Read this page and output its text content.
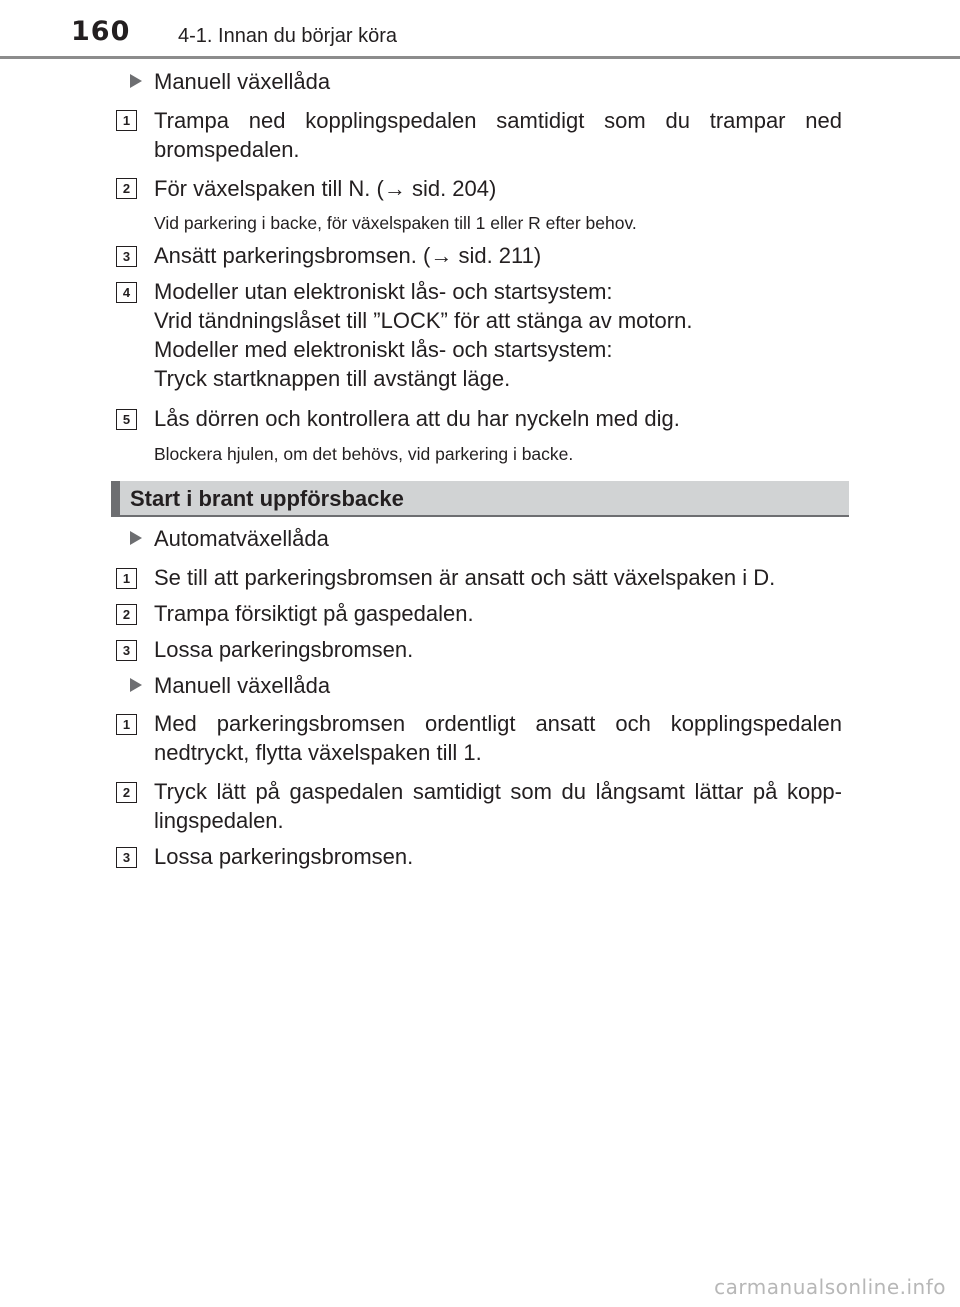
160 4-1. Innan du börjar köra
Manuell växellåda
1	Trampa ned kopplingspedalen samtidigt som du trampar ned
bromspedalen.
2	För växelspaken till N. (→ sid. 204)
Vid parkering i backe, för växelspaken till 1 eller R efter behov.
3	Ansätt parkeringsbromsen. (→ sid. 211)
4	Modeller utan elektroniskt lås- och startsystem:
Vrid tändningslåset till ”LOCK” för att stänga av motorn.
Modeller med elektroniskt lås- och startsystem:
Tryck startknappen till avstängt läge.
5	Lås dörren och kontrollera att du har nyckeln med dig.
Blockera hjulen, om det behövs, vid parkering i backe.
Start i brant uppförsbacke
Automatväxellåda
1	Se till att parkeringsbromsen är ansatt och sätt växelspaken i D.
2	Trampa försiktigt på gaspedalen.
3	Lossa parkeringsbromsen.
Manuell växellåda
1	Med parkeringsbromsen ordentligt ansatt och kopplingspedalen
nedtryckt, flytta växelspaken till 1.
2	Tryck lätt på gaspedalen samtidigt som du långsamt lättar på kopp-
lingspedalen.
3	Lossa parkeringsbromsen.
carmanualsonline.info
